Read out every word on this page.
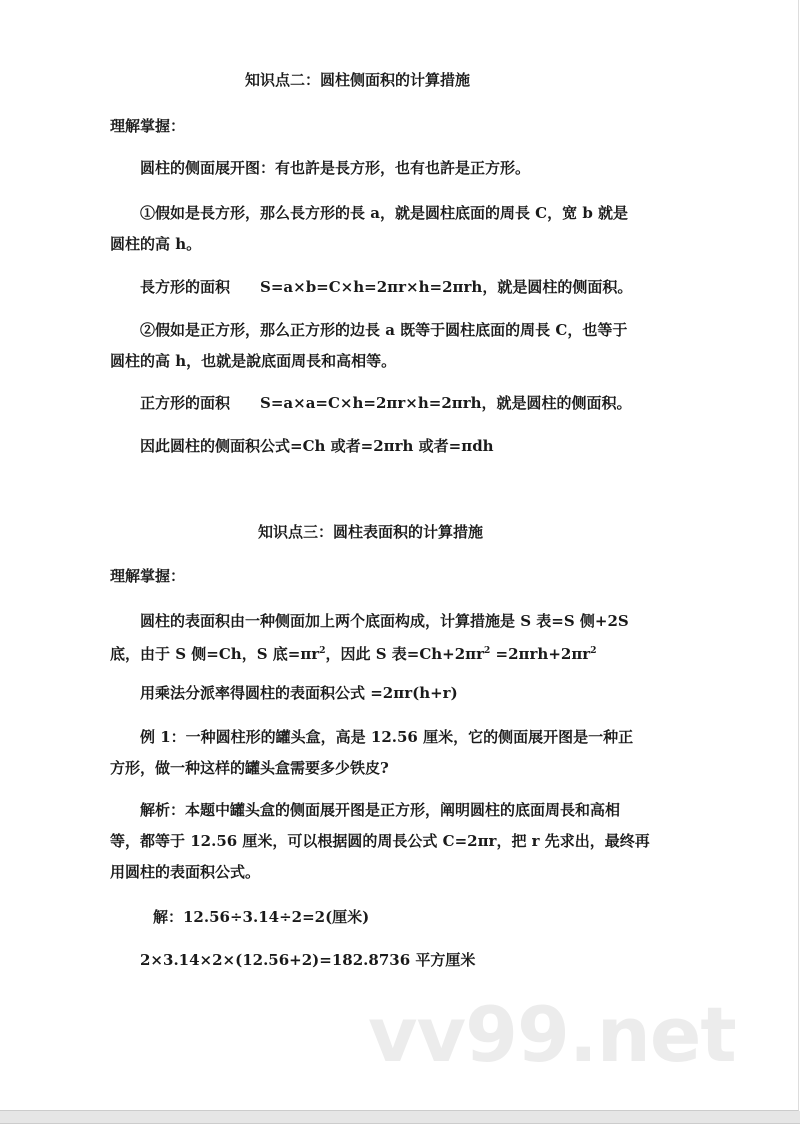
知识点二：圆柱侧面积的计算措施
理解掌握：
圆柱的侧面展开图：有也許是長方形，也有也許是正方形。
①假如是長方形，那么長方形的長 a，就是圆柱底面的周長 C，宽 b 就是
圆柱的高 h。
長方形的面积　　S=a×b=C×h=2πr×h=2πrh，就是圆柱的侧面积。
②假如是正方形，那么正方形的边長 a 既等于圆柱底面的周長 C，也等于
圆柱的高 h，也就是說底面周長和高相等。
正方形的面积　　S=a×a=C×h=2πr×h=2πrh，就是圆柱的侧面积。
因此圆柱的侧面积公式=Ch 或者=2πrh 或者=πdh
知识点三：圆柱表面积的计算措施
理解掌握：
圆柱的表面积由一种侧面加上两个底面构成，计算措施是 S 表=S 侧+2S
底，由于 S 侧=Ch，S 底$=\pi r^2$，因此 S 表$=Ch+2\pi r^2 =2\pi rh+2\pi r^2$
用乘法分派率得圆柱的表面积公式 =2πr(h+r)
例 1：一种圆柱形的罐头盒，高是 12.56 厘米，它的侧面展开图是一种正
方形，做一种这样的罐头盒需要多少铁皮?
解析：本题中罐头盒的侧面展开图是正方形，阐明圆柱的底面周長和高相
等，都等于 12.56 厘米，可以根据圆的周長公式 C=2πr，把 r 先求出，最终再
用圆柱的表面积公式。
解：12.56÷3.14÷2=2(厘米)
2×3.14×2×(12.56+2)=182.8736 平方厘米
vv99.net
